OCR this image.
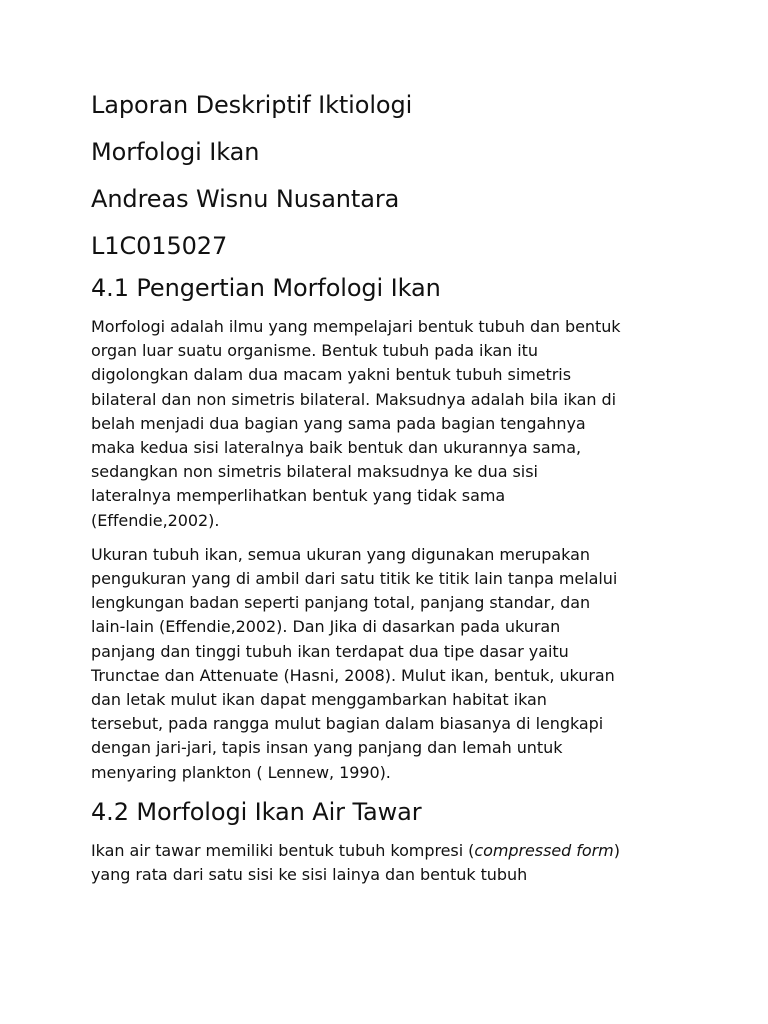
Laporan Deskriptif Iktiologi
Morfologi Ikan
Andreas Wisnu Nusantara
L1C015027
4.1 Pengertian Morfologi Ikan
Morfologi adalah ilmu yang mempelajari bentuk tubuh dan bentuk
organ luar suatu organisme. Bentuk tubuh pada ikan itu
digolongkan dalam dua macam yakni bentuk tubuh simetris
bilateral dan non simetris bilateral. Maksudnya adalah bila ikan di
belah menjadi dua bagian yang sama pada bagian tengahnya
maka kedua sisi lateralnya baik bentuk dan ukurannya sama,
sedangkan non simetris bilateral maksudnya ke dua sisi
lateralnya memperlihatkan bentuk yang tidak sama
(Effendie,2002).
Ukuran tubuh ikan, semua ukuran yang digunakan merupakan
pengukuran yang di ambil dari satu titik ke titik lain tanpa melalui
lengkungan badan seperti panjang total, panjang standar, dan
lain-lain (Effendie,2002). Dan Jika di dasarkan pada ukuran
panjang dan tinggi tubuh ikan terdapat dua tipe dasar yaitu
Trunctae dan Attenuate (Hasni, 2008). Mulut ikan, bentuk, ukuran
dan letak mulut ikan dapat menggambarkan habitat ikan
tersebut, pada rangga mulut bagian dalam biasanya di lengkapi
dengan jari-jari, tapis insan yang panjang dan lemah untuk
menyaring plankton ( Lennew, 1990).
4.2 Morfologi Ikan Air Tawar
Ikan air tawar memiliki bentuk tubuh kompresi (compressed form)
yang rata dari satu sisi ke sisi lainya dan bentuk tubuh
